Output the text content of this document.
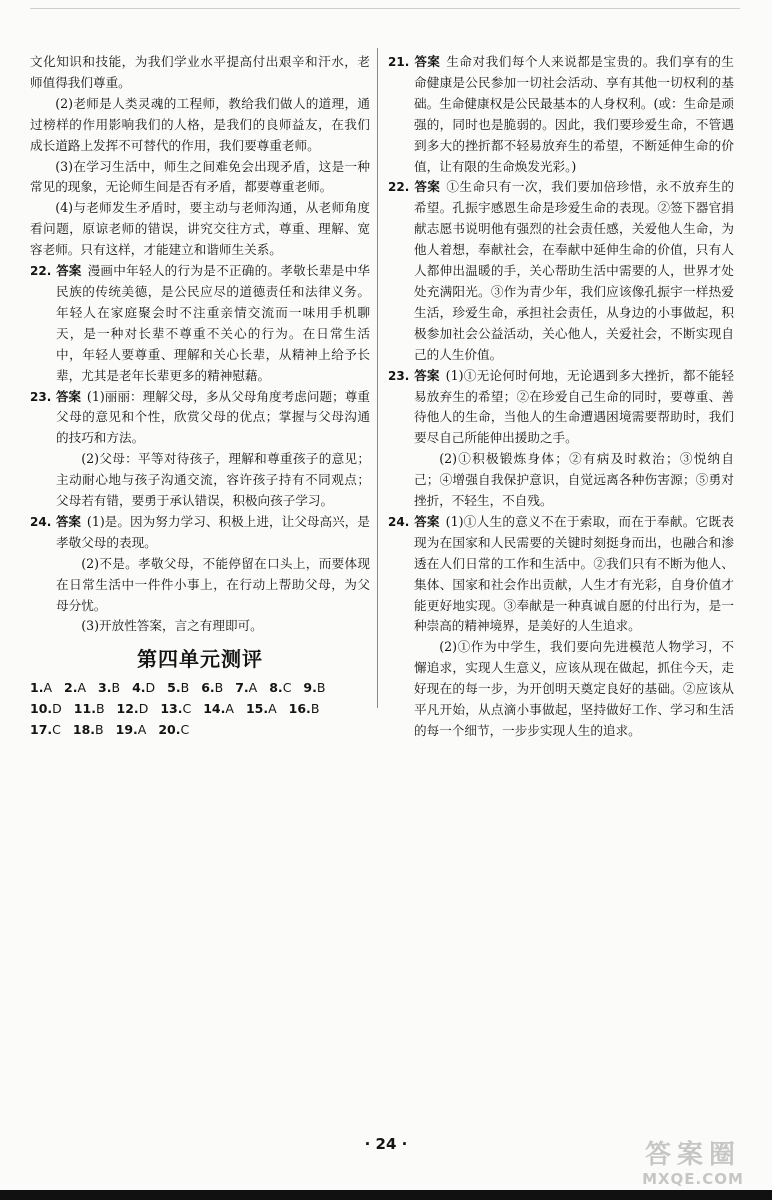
文化知识和技能，为我们学业水平提高付出艰辛和汗水，老师值得我们尊重。

(2)老师是人类灵魂的工程师，教给我们做人的道理，通过榜样的作用影响我们的人格，是我们的良师益友，在我们成长道路上发挥不可替代的作用，我们要尊重老师。

(3)在学习生活中，师生之间难免会出现矛盾，这是一种常见的现象，无论师生间是否有矛盾，都要尊重老师。

(4)与老师发生矛盾时，要主动与老师沟通，从老师角度看问题，原谅老师的错误，讲究交往方式，尊重、理解、宽容老师。只有这样，才能建立和谐师生关系。

22. 答案 漫画中年轻人的行为是不正确的。孝敬长辈是中华民族的传统美德，是公民应尽的道德责任和法律义务。年轻人在家庭聚会时不注重亲情交流而一味用手机聊天，是一种对长辈不尊重不关心的行为。在日常生活中，年轻人要尊重、理解和关心长辈，从精神上给予长辈，尤其是老年长辈更多的精神慰藉。

23. 答案 (1)丽丽：理解父母，多从父母角度考虑问题；尊重父母的意见和个性，欣赏父母的优点；掌握与父母沟通的技巧和方法。

(2)父母：平等对待孩子，理解和尊重孩子的意见；主动耐心地与孩子沟通交流，容许孩子持有不同观点；父母若有错，要勇于承认错误，积极向孩子学习。

24. 答案 (1)是。因为努力学习、积极上进，让父母高兴，是孝敬父母的表现。

(2)不是。孝敬父母，不能停留在口头上，而要体现在日常生活中一件件小事上，在行动上帮助父母，为父母分忧。

(3)开放性答案，言之有理即可。

第四单元测评
1.A 2.A 3.B 4.D 5.B 6.B 7.A 8.C 9.B
10.D 11.B 12.D 13.C 14.A 15.A 16.B
17.C 18.B 19.A 20.C

21. 答案 生命对我们每个人来说都是宝贵的。我们享有的生命健康是公民参加一切社会活动、享有其他一切权利的基础。生命健康权是公民最基本的人身权利。(或：生命是顽强的，同时也是脆弱的。因此，我们要珍爱生命，不管遇到多大的挫折都不轻易放弃生的希望，不断延伸生命的价值，让有限的生命焕发光彩。)

22. 答案 ①生命只有一次，我们要加倍珍惜，永不放弃生的希望。孔振宇感恩生命是珍爱生命的表现。②签下器官捐献志愿书说明他有强烈的社会责任感，关爱他人生命，为他人着想，奉献社会，在奉献中延伸生命的价值，只有人人都伸出温暖的手，关心帮助生活中需要的人，世界才处处充满阳光。③作为青少年，我们应该像孔振宇一样热爱生活，珍爱生命，承担社会责任，从身边的小事做起，积极参加社会公益活动，关心他人，关爱社会，不断实现自己的人生价值。

23. 答案 (1)①无论何时何地，无论遇到多大挫折，都不能轻易放弃生的希望；②在珍爱自己生命的同时，要尊重、善待他人的生命，当他人的生命遭遇困境需要帮助时，我们要尽自己所能伸出援助之手。

(2)①积极锻炼身体；②有病及时救治；③悦纳自己；④增强自我保护意识，自觉远离各种伤害源；⑤勇对挫折，不轻生，不自残。

24. 答案 (1)①人生的意义不在于索取，而在于奉献。它既表现为在国家和人民需要的关键时刻挺身而出，也融合和渗透在人们日常的工作和生活中。②我们只有不断为他人、集体、国家和社会作出贡献，人生才有光彩，自身价值才能更好地实现。③奉献是一种真诚自愿的付出行为，是一种崇高的精神境界，是美好的人生追求。

(2)①作为中学生，我们要向先进模范人物学习，不懈追求，实现人生意义，应该从现在做起，抓住今天，走好现在的每一步，为开创明天奠定良好的基础。②应该从平凡开始，从点滴小事做起，坚持做好工作、学习和生活的每一个细节，一步步实现人生的追求。

· 24 ·	答案圈
MXQE.COM
